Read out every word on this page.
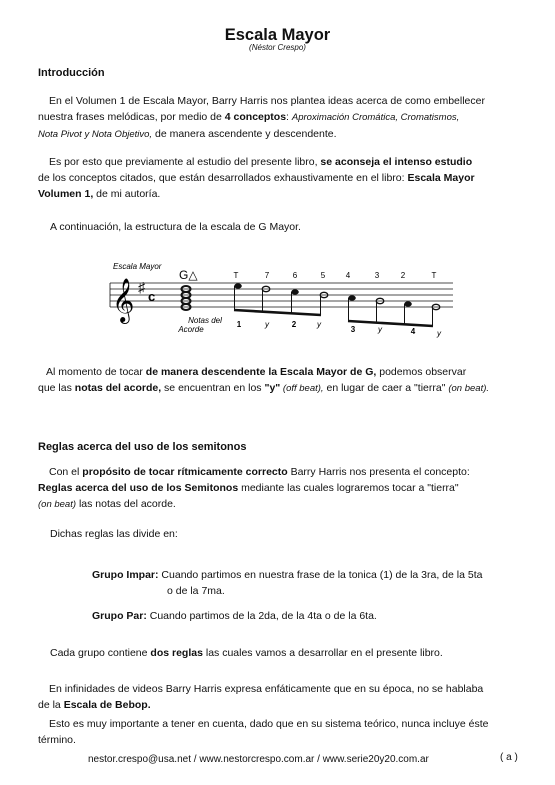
Escala Mayor
(Néstor Crespo)
Introducción
En el Volumen 1 de Escala Mayor, Barry Harris nos plantea ideas acerca de como embellecer
nuestra frases melódicas, por medio de 4 conceptos: Aproximación Cromática, Cromatismos,
Nota Pivot y Nota Objetivo, de manera ascendente y descendente.
Es por esto que previamente al estudio del presente libro, se aconseja el intenso estudio
de los conceptos citados, que están desarrollados exhaustivamente en el libro: Escala Mayor
Volumen 1, de mi autoría.
A continuación, la estructura de la escala de G Mayor.
Escala Mayor
G△	T	7	6	5	4	3	2	T
𝄞 ♯
c
Notas del
Acorde
1	y	2	y
3	y	4	y
Al momento de tocar de manera descendente la Escala Mayor de G, podemos observar
que las notas del acorde, se encuentran en los "y" (off beat), en lugar de caer a "tierra" (on beat).
Reglas acerca del uso de los semitonos
Con el propósito de tocar rítmicamente correcto Barry Harris nos presenta el concepto:
Reglas acerca del uso de los Semitonos mediante las cuales lograremos tocar a "tierra"
(on beat) las notas del acorde.
Dichas reglas las divide en:
Grupo Impar: Cuando partimos en nuestra frase de la tonica (1) de la 3ra, de la 5ta
o de la 7ma.
Grupo Par: Cuando partimos de la 2da, de la 4ta o de la 6ta.
Cada grupo contiene dos reglas las cuales vamos a desarrollar en el presente libro.
En infinidades de videos Barry Harris expresa enfáticamente que en su época, no se hablaba
de la Escala de Bebop.
Esto es muy importante a tener en cuenta, dado que en su sistema teórico, nunca incluye éste
término.
nestor.crespo@usa.net / www.nestorcrespo.com.ar / www.serie20y20.com.ar	( a )
